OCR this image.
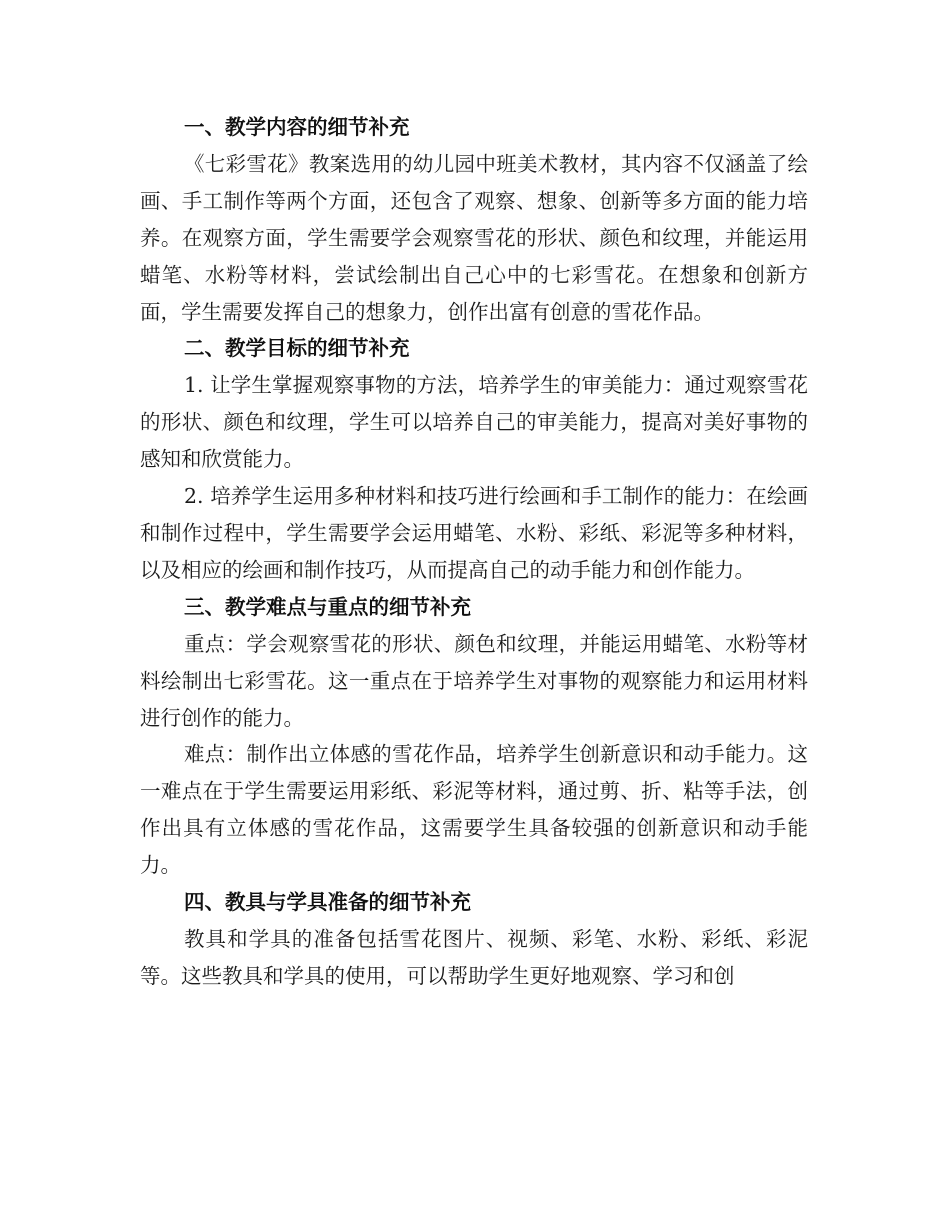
一、教学内容的细节补充

《七彩雪花》教案选用的幼儿园中班美术教材，其内容不仅涵盖了绘画、手工制作等两个方面，还包含了观察、想象、创新等多方面的能力培养。在观察方面，学生需要学会观察雪花的形状、颜色和纹理，并能运用蜡笔、水粉等材料，尝试绘制出自己心中的七彩雪花。在想象和创新方面，学生需要发挥自己的想象力，创作出富有创意的雪花作品。

二、教学目标的细节补充

1. 让学生掌握观察事物的方法，培养学生的审美能力：通过观察雪花的形状、颜色和纹理，学生可以培养自己的审美能力，提高对美好事物的感知和欣赏能力。

2. 培养学生运用多种材料和技巧进行绘画和手工制作的能力：在绘画和制作过程中，学生需要学会运用蜡笔、水粉、彩纸、彩泥等多种材料，以及相应的绘画和制作技巧，从而提高自己的动手能力和创作能力。

三、教学难点与重点的细节补充

重点：学会观察雪花的形状、颜色和纹理，并能运用蜡笔、水粉等材料绘制出七彩雪花。这一重点在于培养学生对事物的观察能力和运用材料进行创作的能力。

难点：制作出立体感的雪花作品，培养学生创新意识和动手能力。这一难点在于学生需要运用彩纸、彩泥等材料，通过剪、折、粘等手法，创作出具有立体感的雪花作品，这需要学生具备较强的创新意识和动手能力。

四、教具与学具准备的细节补充

教具和学具的准备包括雪花图片、视频、彩笔、水粉、彩纸、彩泥等。这些教具和学具的使用，可以帮助学生更好地观察、学习和创
